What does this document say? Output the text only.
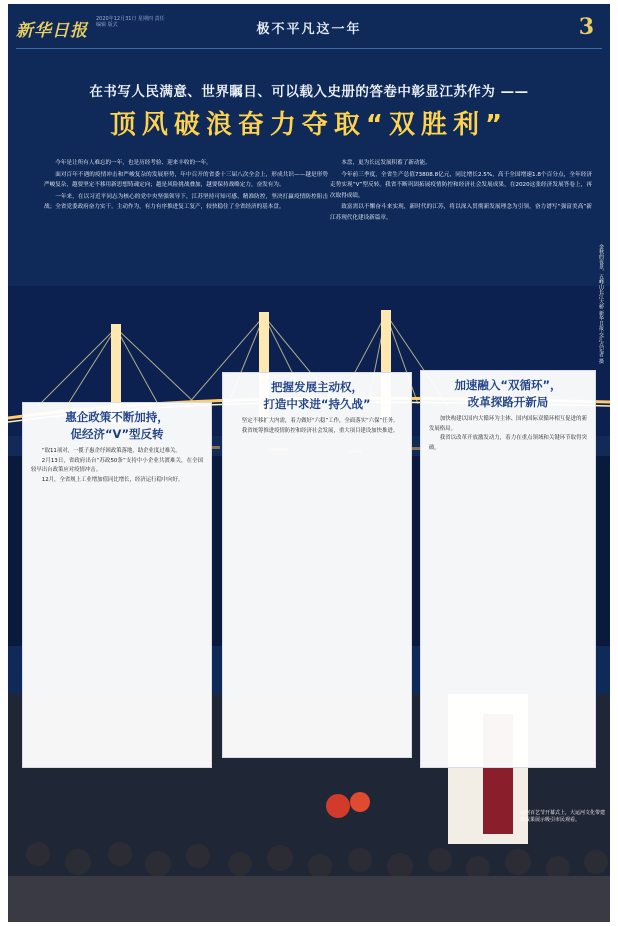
新华日报
2020年12月31日 星期四 责任编辑 版式	极不平凡这一年	3
在书写人民满意、世界瞩目、可以载入史册的答卷中彰显江苏作为 ——
顶风破浪奋力夺取“双胜利”

今年是让所有人难忘的一年，也是历经考验、迎来丰收的一年。

面对百年不遇的疫情冲击和严峻复杂的发展形势，年中召开的省委十三届八次全会上，形成共识——越是形势严峻复杂，越要坚定不移用新思想铸魂定向；越是风险挑战叠加，越要保持战略定力，奋发有为。

一年来，在以习近平同志为核心的党中央坚强领导下，江苏坚持可知可感、精准防控，坚决打赢疫情防控阻击战；全省党委政府奋力实干，主动作为，有力有序推进复工复产，较快稳住了全省经济的基本盘。

本盘，更为长远发展积蓄了新动能。

今年前三季度，全省生产总值73808.8亿元，同比增长2.5%，高于全国增速1.8个百分点，全年经济走势实现“V”型反转。我省不断巩固拓展疫情防控和经济社会发展成果，在2020这张经济发展答卷上，再次取得成绩。

致富需以不懈奋斗来实现，新时代的江苏，将以深入贯彻新发展理念为引领，奋力谱写“强富美高”新江苏现代化建设新篇章。

金秋的夜景，五峰山长江大桥 新华日报·交汇点记者 摄
运河百艺节开幕式上，大运河文化带建设成果展示吸引市民观看。
惠企政策不断加持，
促经济“V”型反转

“取11项对，一揽子惠企纾困政策落地，助企业度过难关。

2月13日，省政府出台“苏政50条”支持中小企业共渡难关，在全国较早出台政策应对疫情冲击。

12月，全省规上工业增加值同比增长，经济运行稳中向好。

把握发展主动权，
打造中求进“持久战”

坚定不移扩大内需，着力做好“六稳”工作，全面落实“六保”任务。

我省统筹推进疫情防控和经济社会发展，重大项目建设加快推进。

加速融入“双循环”，
改革探路开新局

加快构建以国内大循环为主体、国内国际双循环相互促进的新发展格局。

我省以改革开放激发动力，着力在重点领域和关键环节取得突破。
